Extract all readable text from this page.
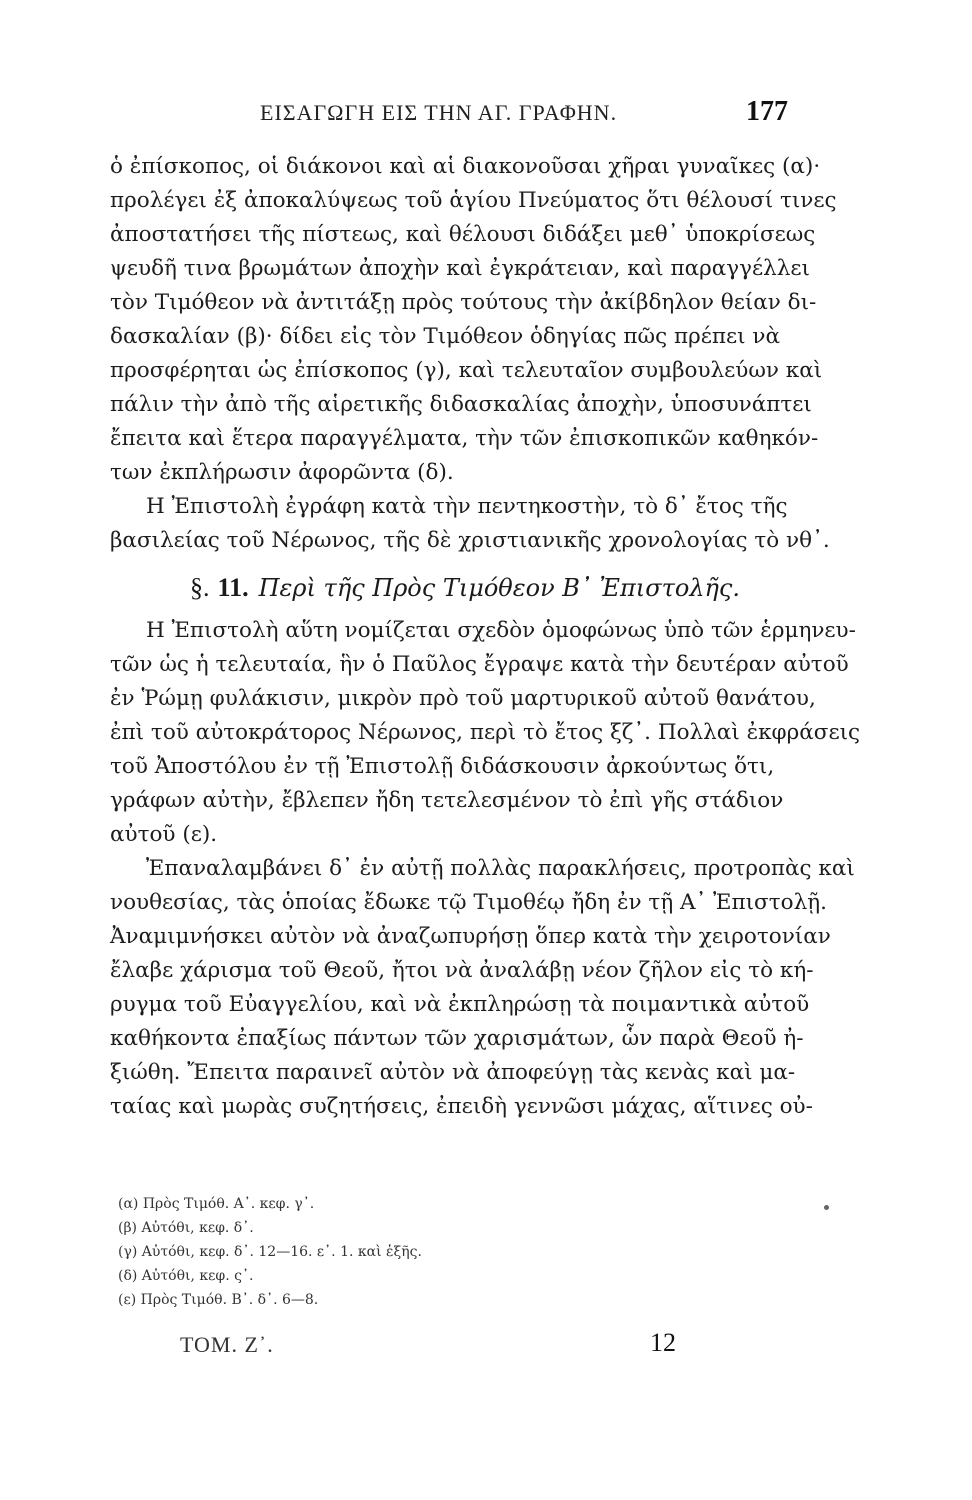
ΕΙΣΑΓΩΓΗ ΕΙΣ ΤΗΝ ΑΓ. ΓΡΑΦΗΝ.	177
ὁ ἐπίσκοπος, οἱ διάκονοι καὶ αἱ διακονοῦσαι χῆραι γυναῖκες (α)·
προλέγει ἐξ ἀποκαλύψεως τοῦ ἁγίου Πνεύματος ὅτι θέλουσί τινες
ἀποστατήσει τῆς πίστεως, καὶ θέλουσι διδάξει μεθ᾽ ὑποκρίσεως
ψευδῆ τινα βρωμάτων ἀποχὴν καὶ ἐγκράτειαν, καὶ παραγγέλλει
τὸν Τιμόθεον νὰ ἀντιτάξῃ πρὸς τούτους τὴν ἀκίβδηλον θείαν δι-
δασκαλίαν (β)· δίδει εἰς τὸν Τιμόθεον ὁδηγίας πῶς πρέπει νὰ
προσφέρηται ὡς ἐπίσκοπος (γ), καὶ τελευταῖον συμβουλεύων καὶ
πάλιν τὴν ἀπὸ τῆς αἱρετικῆς διδασκαλίας ἀποχὴν, ὑποσυνάπτει
ἔπειτα καὶ ἕτερα παραγγέλματα, τὴν τῶν ἐπισκοπικῶν καθηκόν-
των ἐκπλήρωσιν ἀφορῶντα (δ).
Η Ἐπιστολὴ ἐγράφη κατὰ τὴν πεντηκοστὴν, τὸ δ᾽ ἔτος τῆς
βασιλείας τοῦ Νέρωνος, τῆς δὲ χριστιανικῆς χρονολογίας τὸ νθ᾽.
§. 11. Περὶ τῆς Πρὸς Τιμόθεον Β᾽ Ἐπιστολῆς.
Η Ἐπιστολὴ αὕτη νομίζεται σχεδὸν ὁμοφώνως ὑπὸ τῶν ἑρμηνευ-
τῶν ὡς ἡ τελευταία, ἣν ὁ Παῦλος ἔγραψε κατὰ τὴν δευτέραν αὐτοῦ
ἐν Ῥώμῃ φυλάκισιν, μικρὸν πρὸ τοῦ μαρτυρικοῦ αὐτοῦ θανάτου,
ἐπὶ τοῦ αὐτοκράτορος Νέρωνος, περὶ τὸ ἔτος ξζ᾽. Πολλαὶ ἐκφράσεις
τοῦ Ἀποστόλου ἐν τῇ Ἐπιστολῇ διδάσκουσιν ἀρκούντως ὅτι,
γράφων αὐτὴν, ἔβλεπεν ἤδη τετελεσμένον τὸ ἐπὶ γῆς στάδιον
αὐτοῦ (ε).
Ἐπαναλαμβάνει δ᾽ ἐν αὐτῇ πολλὰς παρακλήσεις, προτροπὰς καὶ
νουθεσίας, τὰς ὁποίας ἔδωκε τῷ Τιμοθέῳ ἤδη ἐν τῇ Α᾽ Ἐπιστολῇ.
Ἀναμιμνήσκει αὐτὸν νὰ ἀναζωπυρήσῃ ὅπερ κατὰ τὴν χειροτονίαν
ἔλαβε χάρισμα τοῦ Θεοῦ, ἤτοι νὰ ἀναλάβῃ νέον ζῆλον εἰς τὸ κή-
ρυγμα τοῦ Εὐαγγελίου, καὶ νὰ ἐκπληρώσῃ τὰ ποιμαντικὰ αὐτοῦ
καθήκοντα ἐπαξίως πάντων τῶν χαρισμάτων, ὧν παρὰ Θεοῦ ἠ-
ξιώθη. Ἔπειτα παραινεῖ αὐτὸν νὰ ἀποφεύγῃ τὰς κενὰς καὶ μα-
ταίας καὶ μωρὰς συζητήσεις, ἐπειδὴ γεννῶσι μάχας, αἵτινες οὐ-
(α) Πρὸς Τιμόθ. Α᾽. κεφ. γ᾽.
(β) Αὐτόθι, κεφ. δ᾽.
(γ) Αὐτόθι, κεφ. δ᾽. 12—16. ε᾽. 1. καὶ ἑξῆς.
(δ) Αὐτόθι, κεφ. ς᾽.
(ε) Πρὸς Τιμόθ. Β᾽. δ᾽. 6—8.
ΤΟΜ. Ζ᾽.	12
